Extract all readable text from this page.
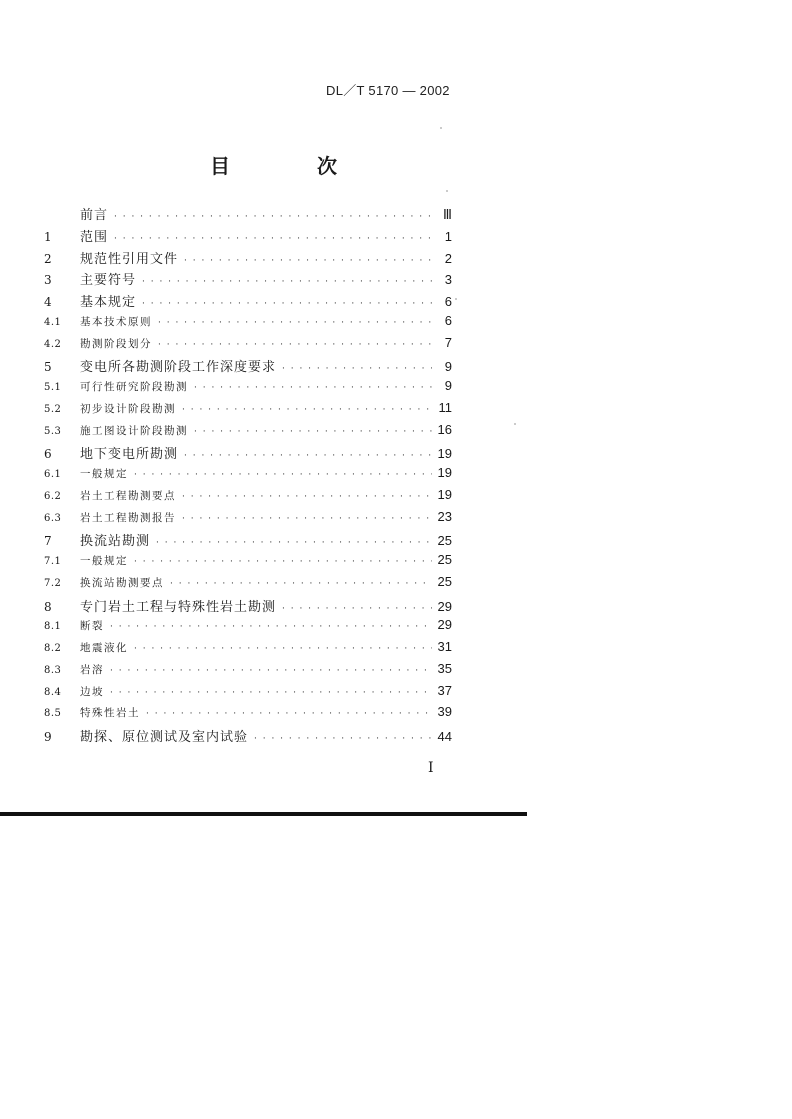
DL／T 5170 — 2002
目 次
前言 · · ·	Ⅲ
1	范围 · · ·	1
2	规范性引用文件 · · ·	2
3	主要符号 · · ·	3
4	基本规定 · · ·	6
4.1	基本技术原则 · · ·	6
4.2	勘测阶段划分 · · ·	7
5	变电所各勘测阶段工作深度要求 · · ·	9
5.1	可行性研究阶段勘测 · · ·	9
5.2	初步设计阶段勘测 · · ·	11
5.3	施工图设计阶段勘测 · · ·	16
6	地下变电所勘测 · · ·	19
6.1	一般规定 · · ·	19
6.2	岩土工程勘测要点 · · ·	19
6.3	岩土工程勘测报告 · · ·	23
7	换流站勘测 · · ·	25
7.1	一般规定 · · ·	25
7.2	换流站勘测要点 · · ·	25
8	专门岩土工程与特殊性岩土勘测 · · ·	29
8.1	断裂 · · ·	29
8.2	地震液化 · · ·	31
8.3	岩溶 · · ·	35
8.4	边坡 · · ·	37
8.5	特殊性岩土 · · ·	39
9	勘探、原位测试及室内试验 · · ·	44
I
